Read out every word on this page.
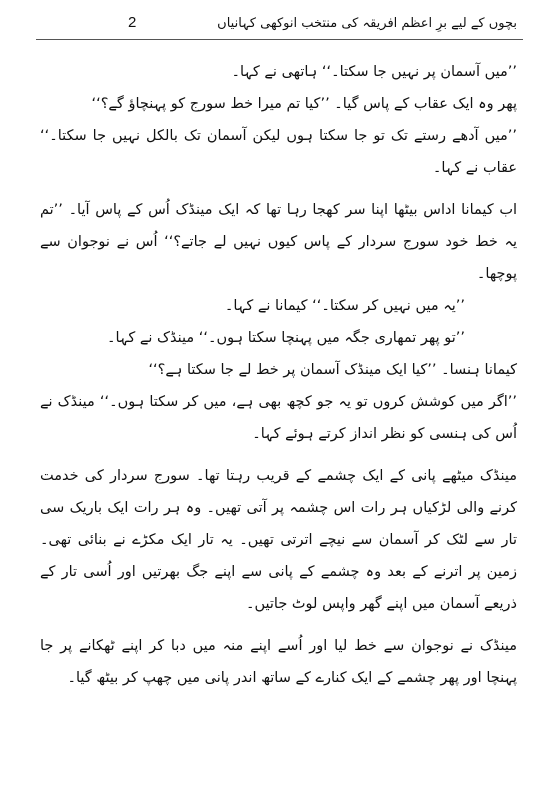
بچوں کے لیے برِ اعظم افریقہ کی منتخب انوکھی کہانیاں
2

’’میں آسمان پر نہیں جا سکتا۔‘‘ ہاتھی نے کہا۔

پھر وہ ایک عقاب کے پاس گیا۔ ’’کیا تم میرا خط سورج کو پہنچاؤ گے؟‘‘

’’میں آدھے رستے تک تو جا سکتا ہوں لیکن آسمان تک بالکل نہیں جا سکتا۔‘‘ عقاب نے کہا۔

اب کیمانا اداس بیٹھا اپنا سر کھجا رہا تھا کہ ایک مینڈک اُس کے پاس آیا۔ ’’تم یہ خط خود سورج سردار کے پاس کیوں نہیں لے جاتے؟‘‘ اُس نے نوجوان سے پوچھا۔

’’یہ میں نہیں کر سکتا۔‘‘ کیمانا نے کہا۔

’’تو پھر تمھاری جگہ میں پہنچا سکتا ہوں۔‘‘ مینڈک نے کہا۔

کیمانا ہنسا۔ ’’کیا ایک مینڈک آسمان پر خط لے جا سکتا ہے؟‘‘

’’اگر میں کوشش کروں تو یہ جو کچھ بھی ہے، میں کر سکتا ہوں۔‘‘ مینڈک نے اُس کی ہنسی کو نظر انداز کرتے ہوئے کہا۔

مینڈک میٹھے پانی کے ایک چشمے کے قریب رہتا تھا۔ سورج سردار کی خدمت کرنے والی لڑکیاں ہر رات اس چشمہ پر آتی تھیں۔ وہ ہر رات ایک باریک سی تار سے لٹک کر آسمان سے نیچے اترتی تھیں۔ یہ تار ایک مکڑے نے بنائی تھی۔ زمین پر اترنے کے بعد وہ چشمے کے پانی سے اپنے جگ بھرتیں اور اُسی تار کے ذریعے آسمان میں اپنے گھر واپس لوٹ جاتیں۔

مینڈک نے نوجوان سے خط لیا اور اُسے اپنے منہ میں دبا کر اپنے ٹھکانے پر جا پہنچا اور پھر چشمے کے ایک کنارے کے ساتھ اندر پانی میں چھپ کر بیٹھ گیا۔
